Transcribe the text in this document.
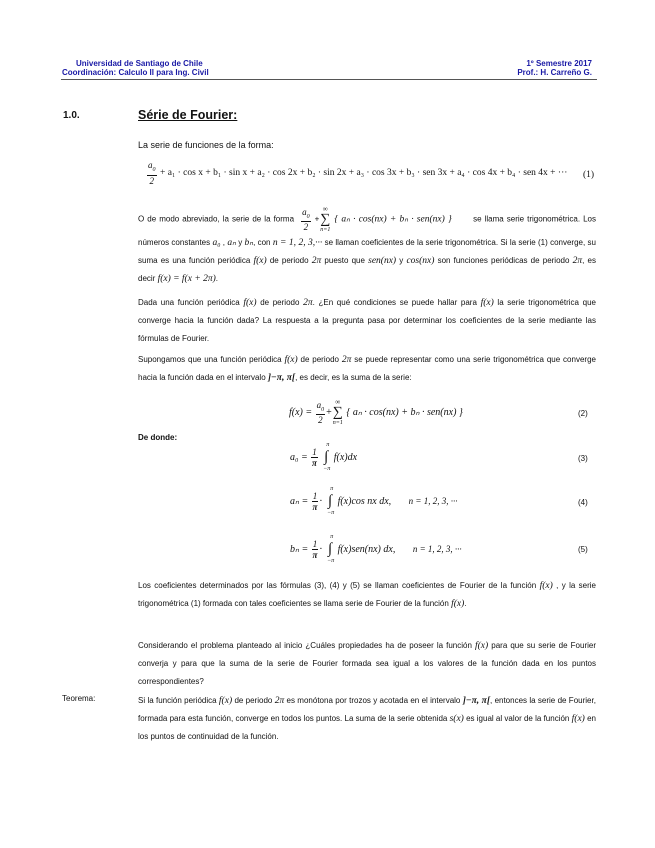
Universidad de Santiago de Chile
Coordinación: Calculo II para Ing. Civil
1º Semestre 2017
Prof.: H. Carreño G.
1.0.	Série de Fourier:
La serie de funciones de la forma:
$\frac{a_0}{2} + a_1 \cdot \cos x + b_1 \cdot \sin x + a_2 \cdot \cos 2x + b_2 \cdot \sin 2x + a_3 \cdot \cos 3x + b_3$ · sen 3x + a₄ · cos 4x + b₄ · sen 4x + ··· (1)
O de modo abreviado, la serie de la forma $\frac{a_0}{2}$ +
∞
∑
n=1
{ aₙ · cos(nx) + bₙ · sen(nx) }	se llama serie trigonométrica. Los números constantes a₀ , aₙ y bₙ, con n = 1, 2, 3,··· se llaman coeficientes de la serie trigonométrica. Si la serie (1) converge, su suma es una función periódica f(x) de periodo 2π puesto que sen(nx) y cos(nx) son funciones periódicas de periodo 2π, es decir f(x) = f(x + 2π).
Dada una función periódica f(x) de periodo 2π. ¿En qué condiciones se puede hallar para f(x) la serie trigonométrica que converge hacia la función dada? La respuesta a la pregunta pasa por determinar los coeficientes de la serie mediante las fórmulas de Fourier.
Supongamos que una función periódica f(x) de periodo 2π se puede representar como una serie trigonométrica que converge hacia la función dada en el intervalo ]−π, π[, es decir, es la suma de la serie:
$f(x) = \frac{a_0}{2}$ +
∞
∑
n=1
{ aₙ · cos(nx) + bₙ · sen(nx) }	(2)
De donde:
$a_0 = \frac{1}{\pi}$ ∫
π
−π
f(x)dx	(3)
$a_n = \frac{1}{\pi}$ · ∫
π
−π
f(x)cos nx dx, n = 1, 2, 3, ···	(4)
$b_n = \frac{1}{\pi}$ · ∫
π
−π
f(x)sen(nx) dx, n = 1, 2, 3, ···	(5)
Los coeficientes determinados por las fórmulas (3), (4) y (5) se llaman coeficientes de Fourier de la función f(x) , y la serie trigonométrica (1) formada con tales coeficientes se llama serie de Fourier de la función f(x).
Considerando el problema planteado al inicio ¿Cuáles propiedades ha de poseer la función f(x) para que su serie de Fourier converja y para que la suma de la serie de Fourier formada sea igual a los valores de la función dada en los puntos correspondientes?
Teorema:	Si la función periódica f(x) de periodo 2π es monótona por trozos y acotada en el intervalo ]−π, π[, entonces la serie de Fourier, formada para esta función, converge en todos los puntos. La suma de la serie obtenida s(x) es igual al valor de la función f(x) en los puntos de continuidad de la función.
